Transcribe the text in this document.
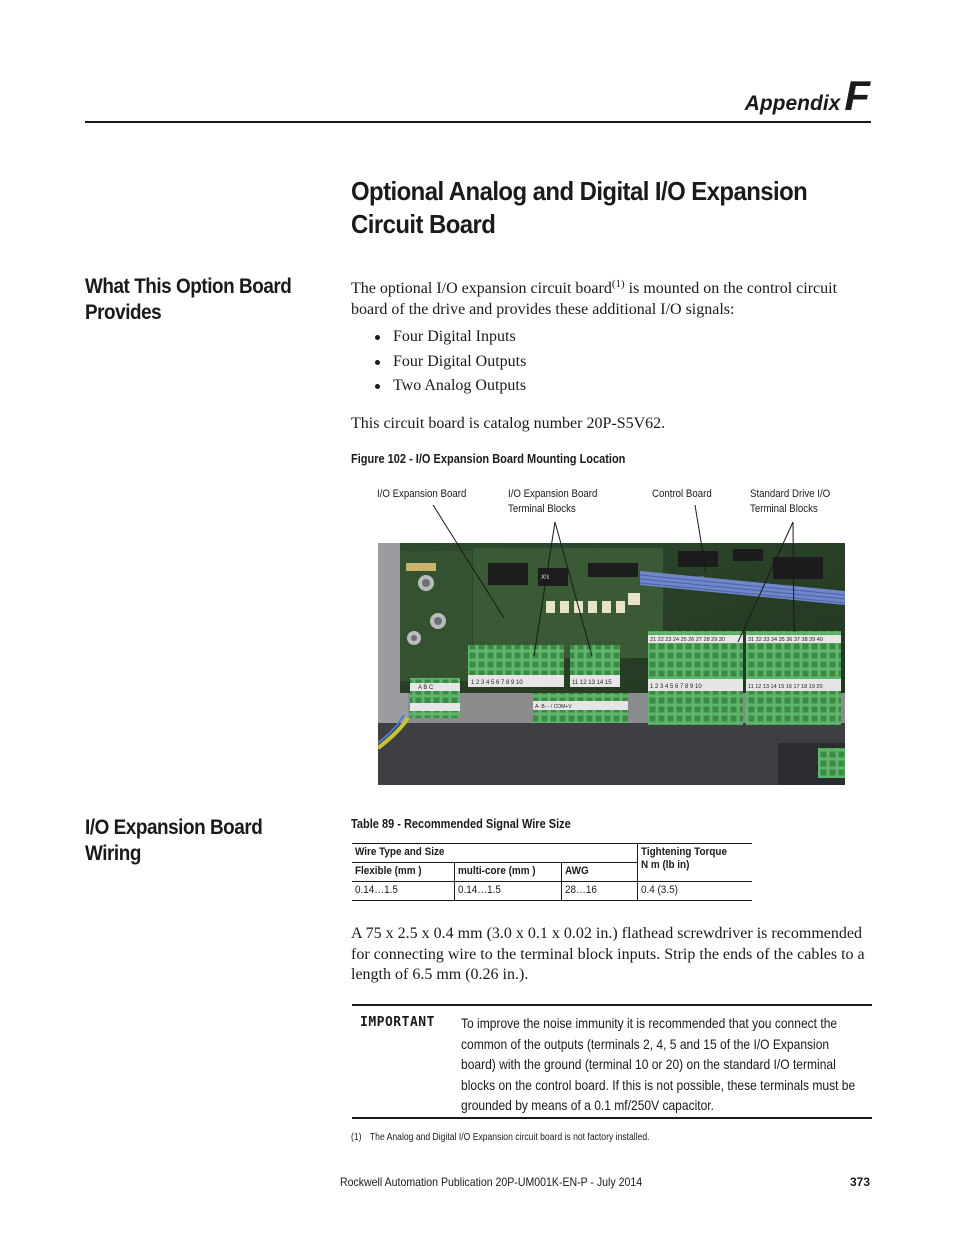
AppendixF
Optional Analog and Digital I/O Expansion Circuit Board
What This Option Board Provides
I/O Expansion Board Wiring

The optional I/O expansion circuit board$^{(1)}$ is mounted on the control circuit board of the drive and provides these additional I/O signals:

Four Digital Inputs
Four Digital Outputs
Two Analog Outputs

This circuit board is catalog number 20P-S5V62.

Figure 102 - I/O Expansion Board Mounting Location
I/O Expansion Board	I/O Expansion Board
Terminal Blocks
Control Board	Standard Drive I/O
Terminal Blocks
XB
1 2 3 4 5 6 7 8 9 10	11 12 13 14 15
A- B- - / COM+V
A B C
21 22 23 24 25 26 27 28 29 30	31 32 33 34 35 36 37 38 39 40
1 2 3 4 5 6 7 8 9 10	11 12 13 14 15 16 17 18 19 20
Table 89 - Recommended Signal Wire Size
Wire Type and Size			Tightening Torque
N m (lb in)
Flexible (mm )	multi-core (mm )	AWG	
0.14…1.5	0.14…1.5	28…16	0.4 (3.5)

A 75 x 2.5 x 0.4 mm (3.0 x 0.1 x 0.02 in.) flathead screwdriver is recommended for connecting wire to the terminal block inputs. Strip the ends of the cables to a length of 6.5 mm (0.26 in.).

IMPORTANT To improve the noise immunity it is recommended that you connect the common of the outputs (terminals 2, 4, 5 and 15 of the I/O Expansion board) with the ground (terminal 10 or 20) on the standard I/O terminal blocks on the control board. If this is not possible, these terminals must be grounded by means of a 0.1 mf/250V capacitor.
(1) The Analog and Digital I/O Expansion circuit board is not factory installed.
Rockwell Automation Publication 20P-UM001K-EN-P - July 2014	373
